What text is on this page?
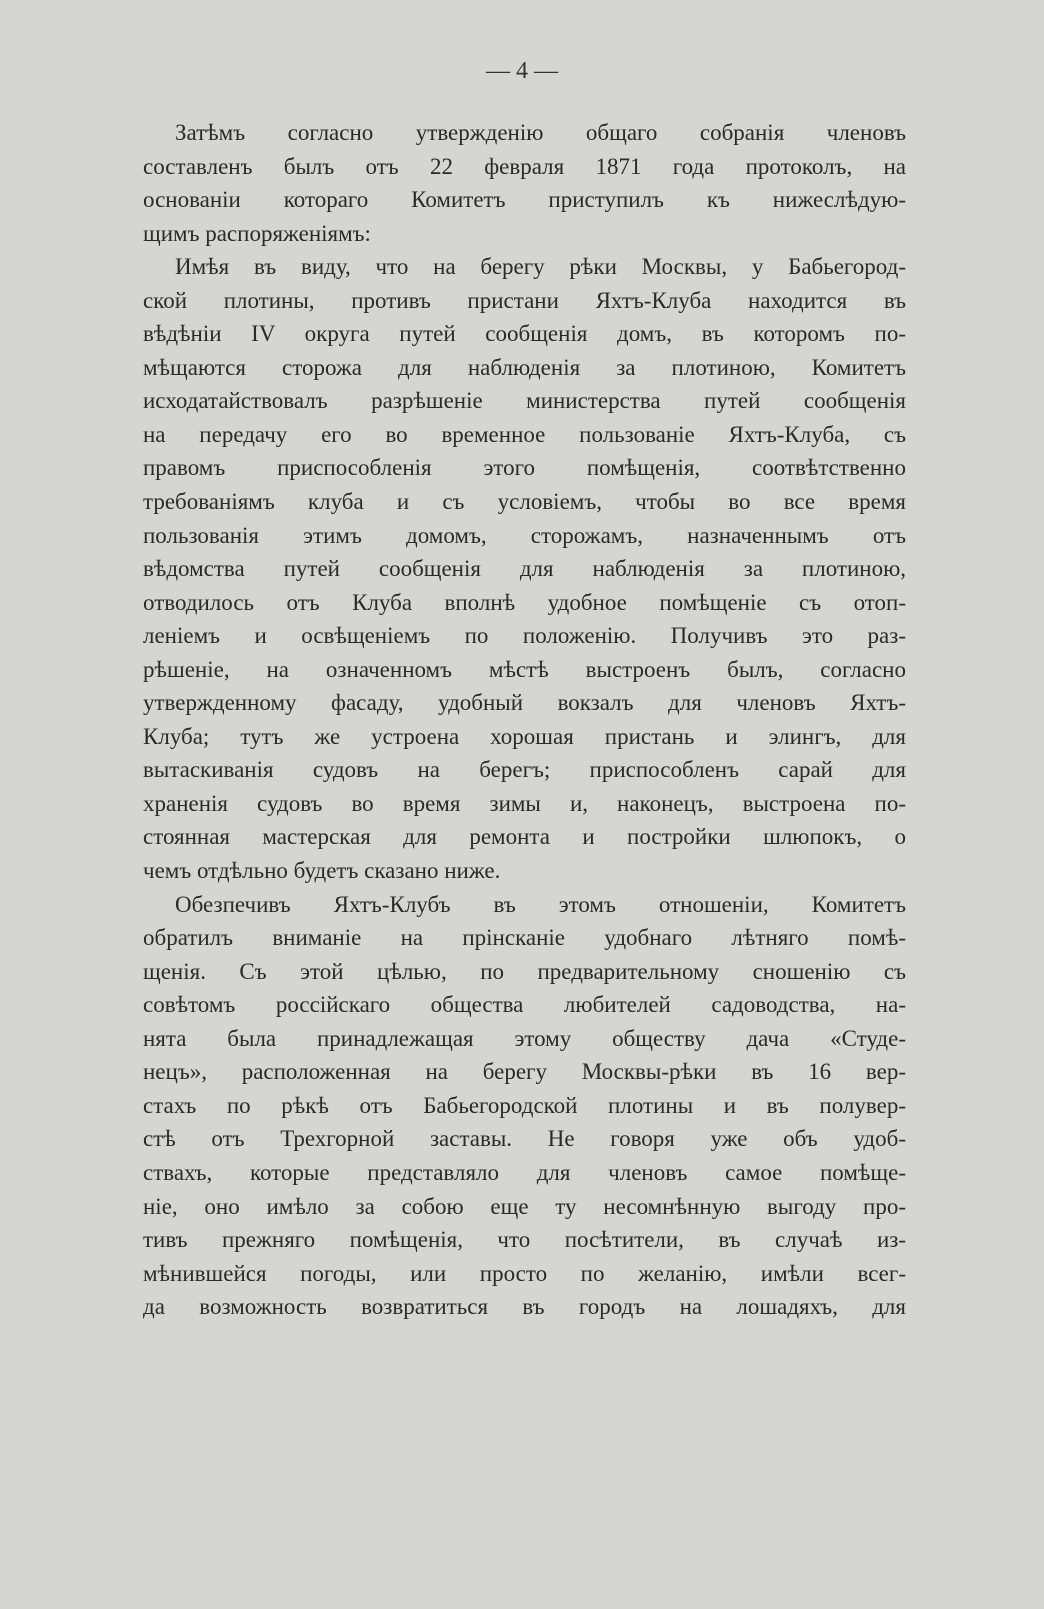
— 4 —
Затѣмъ согласно утвержденію общаго собранія членовъ
составленъ былъ отъ 22 февраля 1871 года протоколъ, на
основаніи котораго Комитетъ приступилъ къ нижеслѣдую-
щимъ распоряженіямъ:
Имѣя въ виду, что на берегу рѣки Москвы, у Бабьегород-
ской плотины, противъ пристани Яхтъ-Клуба находится въ
вѣдѣніи IV округа путей сообщенія домъ, въ которомъ по-
мѣщаются сторожа для наблюденія за плотиною, Комитетъ
исходатайствовалъ разрѣшеніе министерства путей сообщенія
на передачу его во временное пользованіе Яхтъ-Клуба, съ
правомъ приспособленія этого помѣщенія, соотвѣтственно
требованіямъ клуба и съ условіемъ, чтобы во все время
пользованія этимъ домомъ, сторожамъ, назначеннымъ отъ
вѣдомства путей сообщенія для наблюденія за плотиною,
отводилось отъ Клуба вполнѣ удобное помѣщеніе съ отоп-
леніемъ и освѣщеніемъ по положенію. Получивъ это раз-
рѣшеніе, на означенномъ мѣстѣ выстроенъ былъ, согласно
утвержденному фасаду, удобный вокзалъ для членовъ Яхтъ-
Клуба; тутъ же устроена хорошая пристань и элингъ, для
вытаскиванія судовъ на берегъ; приспособленъ сарай для
храненія судовъ во время зимы и, наконецъ, выстроена по-
стоянная мастерская для ремонта и постройки шлюпокъ, о
чемъ отдѣльно будетъ сказано ниже.
Обезпечивъ Яхтъ-Клубъ въ этомъ отношеніи, Комитетъ
обратилъ вниманіе на прінсканіе удобнаго лѣтняго помѣ-
щенія. Съ этой цѣлью, по предварительному сношенію съ
совѣтомъ россійскаго общества любителей садоводства, на-
нята была принадлежащая этому обществу дача «Студе-
нецъ», расположенная на берегу Москвы-рѣки въ 16 вер-
стахъ по рѣкѣ отъ Бабьегородской плотины и въ полувер-
стѣ отъ Трехгорной заставы. Не говоря уже объ удоб-
ствахъ, которые представляло для членовъ самое помѣще-
ніе, оно имѣло за собою еще ту несомнѣнную выгоду про-
тивъ прежняго помѣщенія, что посѣтители, въ случаѣ из-
мѣнившейся погоды, или просто по желанію, имѣли всег-
да возможность возвратиться въ городъ на лошадяхъ, для
